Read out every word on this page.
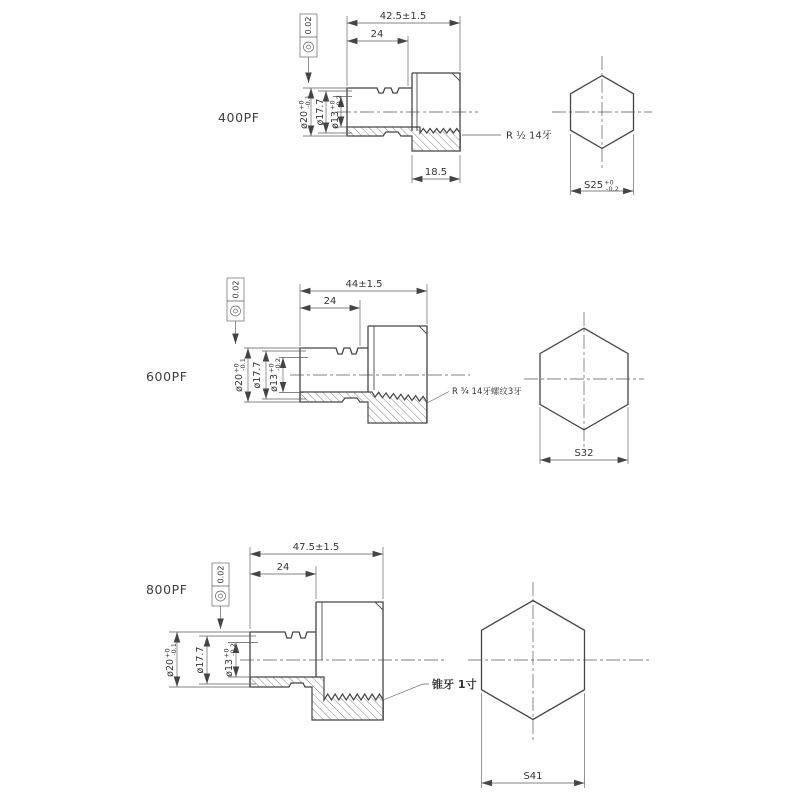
400PF
0.02
42.5±1.5
24
R ½ 14牙
18.5
$ø20^{+0}-0.1$ ø17.7 $ø13^{+0}-0.2$
$S25^{+0}$ -0.2
600PF
0.02	44±1.5
24
R ¾ 14牙螺纹3牙
$ø20^{+0}-0.1$ ø17.7 $ø13^{+0}-0.2$
S32
800PF
0.02
47.5±1.5
24
锥牙 1寸
$ø20^{+0}-0.1$ ø17.7 $ø13^{+0}-0.2$
S41
